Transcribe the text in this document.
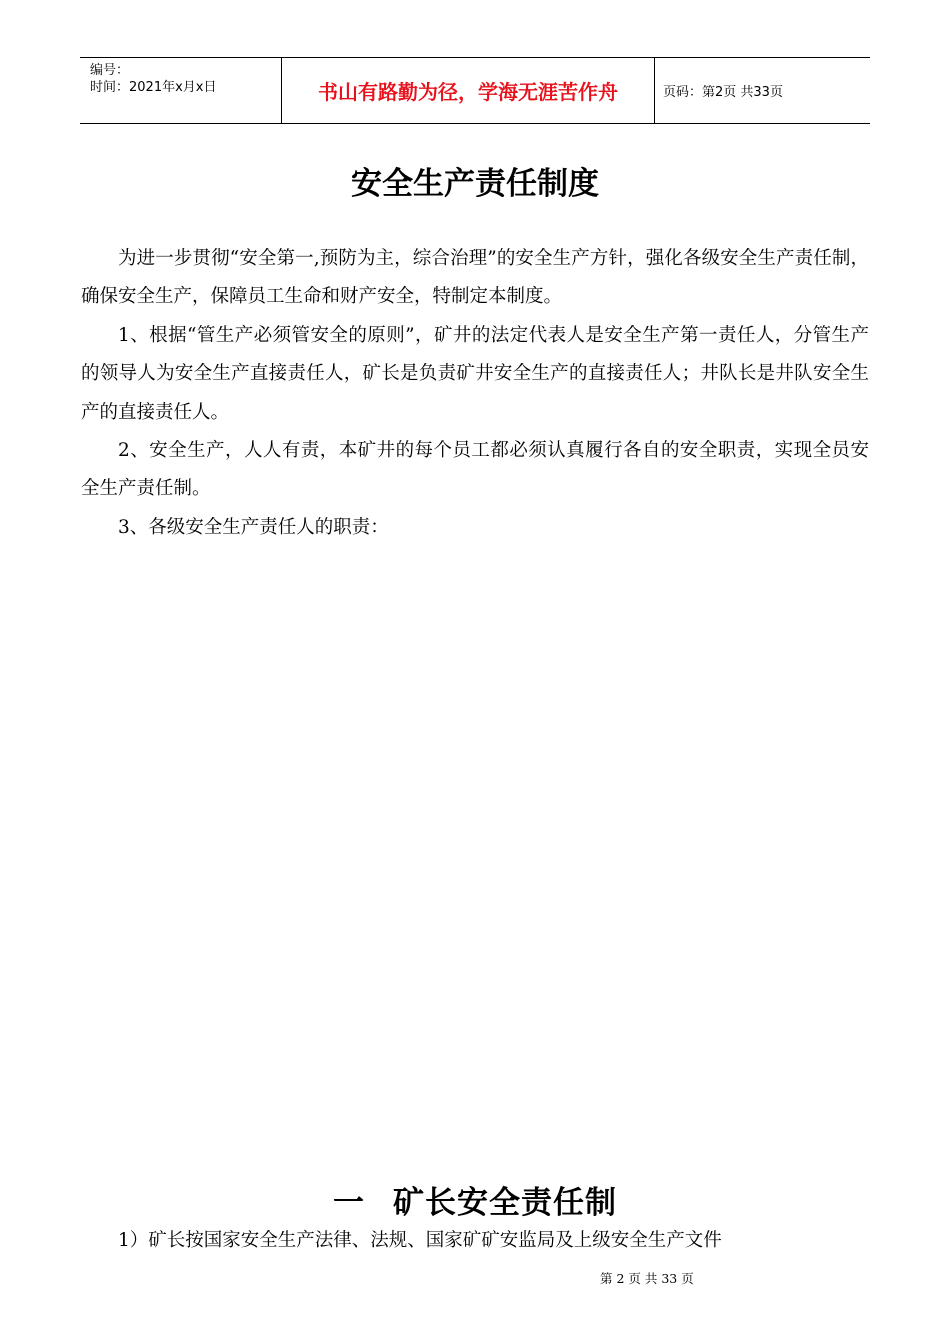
编号：
时间：2021年x月x日	书山有路勤为径，学海无涯苦作舟	页码：第2页 共33页
安全生产责任制度

为进一步贯彻“安全第一,预防为主，综合治理”的安全生产方针，强化各级安全生产责任制，确保安全生产，保障员工生命和财产安全，特制定本制度。

1、根据“管生产必须管安全的原则”，矿井的法定代表人是安全生产第一责任人，分管生产的领导人为安全生产直接责任人，矿长是负责矿井安全生产的直接责任人；井队长是井队安全生产的直接责任人。

2、安全生产，人人有责，本矿井的每个员工都必须认真履行各自的安全职责，实现全员安全生产责任制。

3、各级安全生产责任人的职责：

一 矿长安全责任制
1）矿长按国家安全生产法律、法规、国家矿矿安监局及上级安全生产文件
第 2 页 共 33 页
